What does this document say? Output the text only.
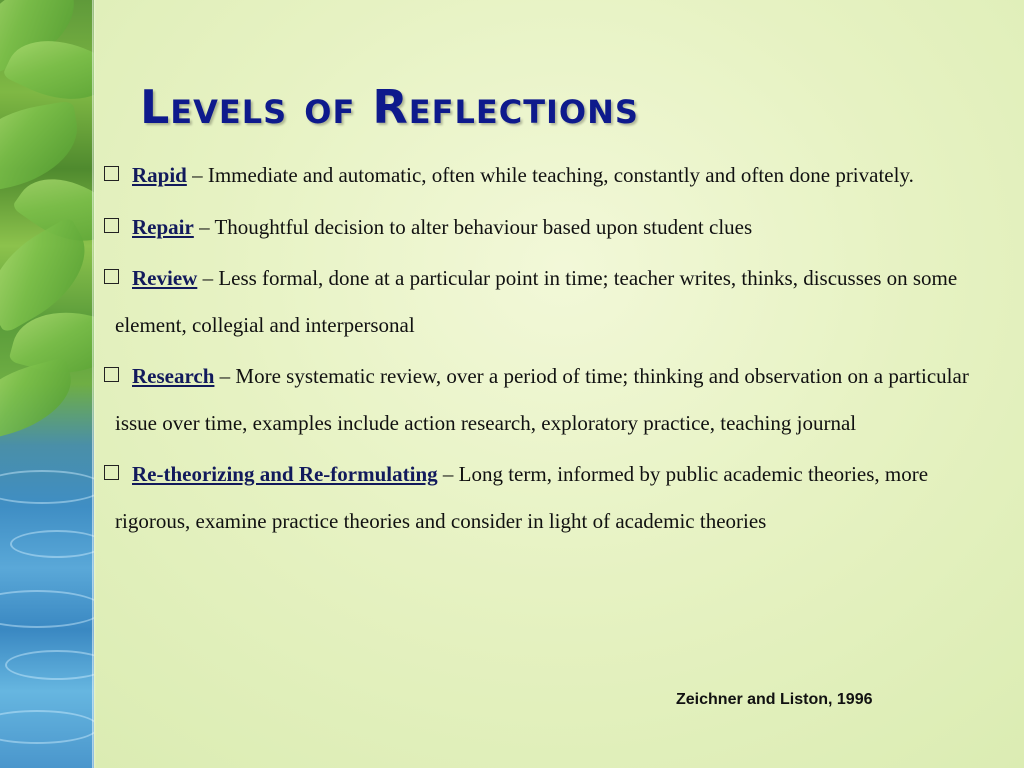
Levels of Reflections
Rapid – Immediate and automatic, often while teaching, constantly and often done privately.
Repair – Thoughtful decision to alter behaviour based upon student clues
Review – Less formal, done at a particular point in time; teacher writes, thinks, discusses on some element, collegial and interpersonal
Research – More systematic review, over a period of time; thinking and observation on a particular issue over time, examples include action research, exploratory practice, teaching journal
Re-theorizing and Re-formulating – Long term, informed by public academic theories, more rigorous, examine practice theories and consider in light of academic theories
Zeichner and Liston, 1996
